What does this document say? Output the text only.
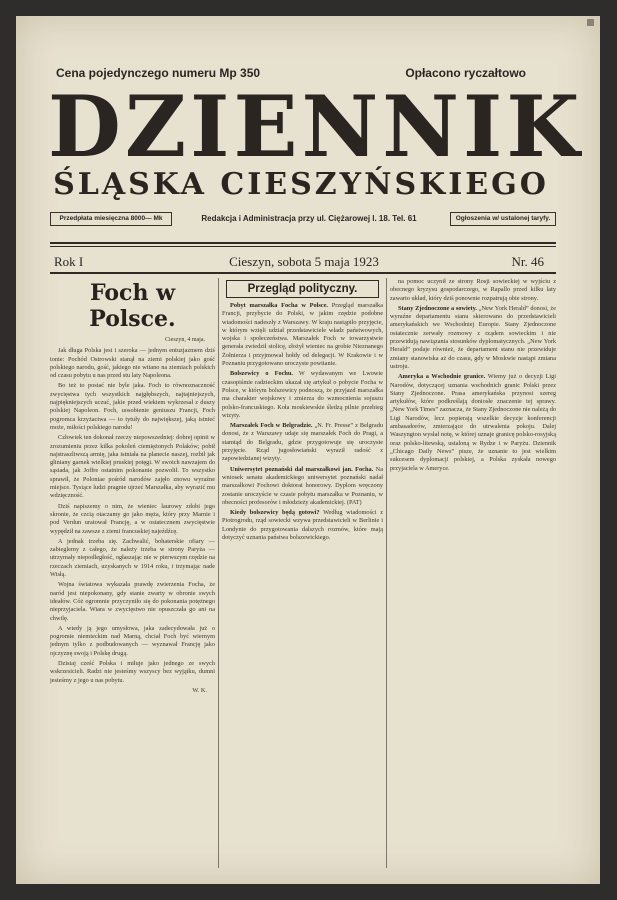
Cena pojedynczego numeru Mp 350	Opłacono ryczałtowo
DZIENNIK
ŚLĄSKA CIESZYŃSKIEGO
Przedpłata miesięczna 8000— Mk	Redakcja i Administracja przy ul. Ciężarowej l. 18. Tel. 61	Ogłoszenia w/ ustalonej taryfy.
Rok I	Cieszyn, sobota 5 maja 1923	Nr. 46
Foch w Polsce.
Cieszyn, 4 maja.

Jak długa Polska jest i szeroka — jednym entuzjazmem dziś tonie: Pochód Ostrowski stanął na ziemi polskiej jako gość polskiego narodu, gość, jakiego nie witano na ziemiach polskich od czasu pobytu u nas przed stu laty Napoleona.

Bo też to postać nie byle jaka. Foch to równoznaczność zwycięstwa tych wszystkich najgłębszych, najtajniejszych, najpiękniejszych uczuć, jakie przed wiekiem wykrzesał z duszy polskiej Napoleon. Foch, uosobienie geniuszu Francji, Foch pogromca krzyżactwa — to tytuły do największej, jaką istnieć może, miłości polskiego narodu!

Człowiek ten dokonał rzeczy niepowszedniej: dobrej opinii w zrozumieniu przez kilka pokoleń ciemiężonych Polaków; pobił najstraszliwszą armię, jaka istniała na planecie naszej, rozbił jak gliniany garnek wielkiej pruskiej potęgi. W swoich nawzajem do sąsiada, jak Joffre ostatnim pokonanie pozwolił. To wszystko sprawił, że Poloniae pośród narodów zajęło znowu wyraźne miejsce. Tysiące ludzi pragnie ujrzeć Marszałka, aby wyrazić mu wdzięczność.

Dziś napiszemy o nim, że wieniec laurowy zdobi jego skronie, że czcią otaczamy go jako męża, który przy Marnie i pod Verdun uratował Francję, a w ostatecznem zwycięstwie wypędził na zawsze z ziemi francuskiej najeźdźcę.

A jednak trzeba się. Zachwalić, bohaterskie ofiary — zabieglemy z całego, że należy trzeba w strony Paryża — utrzymały niepodległość, ogłaszając nie w pierwszym rzędzie na rzeczach ziemiach, uzyskanych w 1914 roku, i trzymając nade Wisłą.

Wojna światowa wykazała prawdę zwierzenia Focha, że naród jest niepokonany, gdy stanie zwarty w obronie swych ideałów. Cóż ogromnie przyczyniło się do pokonania potężnego nieprzyjaciela. Wiara w zwycięstwo nie opuszczała go ani na chwilę.

A wtedy ją jego umysłowa, jaka zadecydowała już o pogromie niemieckim nad Marną, chciał Foch być wiernym jednym tylko z podbudowanych — wyznawał Francję jako ojczyznę swoją i Polskę drugą.

Dzisiaj cześć Polska i miłuje jako jednego ze swych wskrzesicieli. Radzi nie jesteśmy wszyscy bez wyjątku, dumni jesteśmy z jego u nas pobytu.

W. K.
Przegląd polityczny.

Pobyt marszałka Focha w Polsce. Przegląd marszałka Francji, przybycie do Polski, w jakim rzędzie podobne wiadomości nadeszły z Warszawy. W kraju nastąpiło przyjęcie, w którym wzięli udział przedstawiciele władz państwowych, wojska i społeczeństwa. Marszałek Foch w towarzystwie generała zwiedził stolicę, złożył wieniec na grobie Nieznanego Żołnierza i przyjmował hołdy od delegacji. W Krakowie i w Poznaniu przygotowano uroczyste powitanie.

Bolszewicy o Fochu. W wydawanym we Lwowie czasopiśmie radzieckim ukazał się artykuł o pobycie Focha w Polsce, w którym bolszewicy podnoszą, że przyjazd marszałka ma charakter wojskowy i zmierza do wzmocnienia sojuszu polsko-francuskiego. Koła moskiewskie śledzą pilnie przebieg wizyty.

Marszałek Foch w Belgradzie. „N. Fr. Presse” z Belgradu donosi, że z Warszawy udaje się marszałek Foch do Pragi, a stamtąd do Belgradu, gdzie przygotowuje się uroczyste przyjęcie. Rząd jugosłowiański wyraził radość z zapowiedzianej wizyty.

Uniwersytet poznański dał marszałkowi jan. Focha. Na wniosek senatu akademickiego uniwersytet poznański nadał marszałkowi Fochowi doktorat honorowy. Dyplom wręczony zostanie uroczyście w czasie pobytu marszałka w Poznaniu, w obecności profesorów i młodzieży akademickiej. (PAT)

Kiedy bolszewicy będą gotowi? Według wiadomości z Piotrogrodu, rząd sowiecki wzywa przedstawicieli w Berlinie i Londynie do przygotowania dalszych rozmów, które mają dotyczyć uznania państwa bolszewickiego.

na pomoc uczynił ze strony Rosji sowieckiej w wyjściu z obecnego kryzysu gospodarczego, w Rapallo przed kilku laty zawarto układ, który dziś ponownie rozpatrują obie strony.

Stany Zjednoczone a sowiety. „New York Herald” donosi, że wyraźne departamentu stanu skierowano do przedstawicieli amerykańskich we Wschodniej Europie. Stany Zjednoczone ostatecznie zerwały rozmowy z rządem sowieckim i nie przewidują nawiązania stosunków dyplomatycznych. „New York Herald” podaje również, że departament stanu nie przewiduje zmiany stanowiska aż do czasu, gdy w Moskwie nastąpi zmiana ustroju.

Ameryka a Wschodnie granice. Wiemy już o decyzji Ligi Narodów, dotyczącej uznania wschodnich granic Polski przez Stany Zjednoczone. Prasa amerykańska przynosi szereg artykułów, które podkreślają doniosłe znaczenie tej sprawy. „New York Times” zaznacza, że Stany Zjednoczone nie należą do Ligi Narodów, lecz popierają wszelkie decyzje konferencji ambasadorów, zmierzające do utrwalenia pokoju. Dalej Waszyngton wysłał notę, w której uznaje granicę polsko-rosyjską oraz polsko-litewską, ustaloną w Rydze i w Paryżu. Dziennik „Chicago Daily News” pisze, że uznanie to jest wielkim sukcesem dyplomacji polskiej, a Polska zyskała nowego przyjaciela w Ameryce.
